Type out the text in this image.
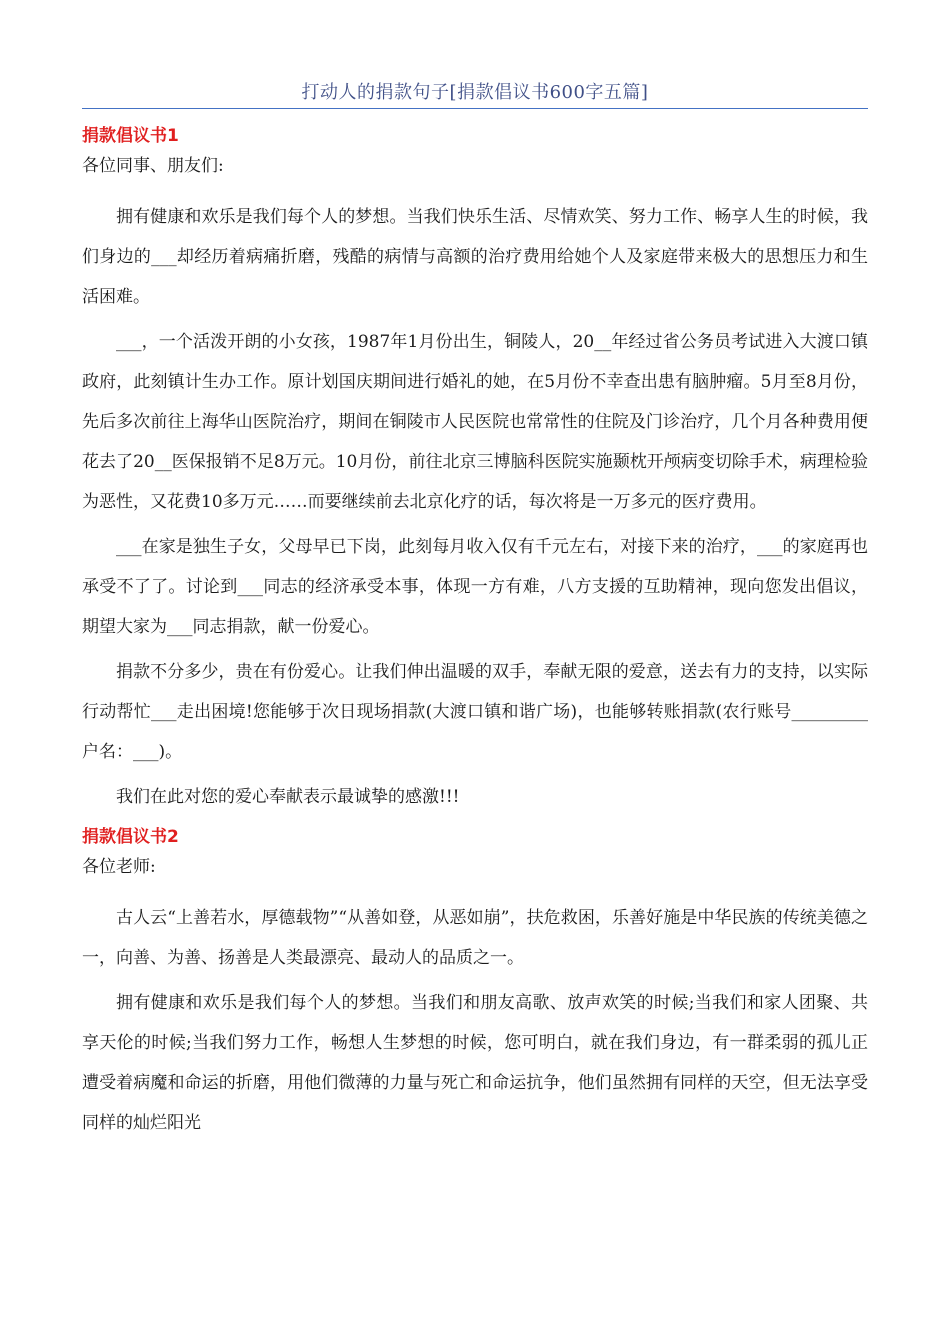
打动人的捐款句子[捐款倡议书600字五篇]
捐款倡议书1

各位同事、朋友们:

拥有健康和欢乐是我们每个人的梦想。当我们快乐生活、尽情欢笑、努力工作、畅享人生的时候，我们身边的___却经历着病痛折磨，残酷的病情与高额的治疗费用给她个人及家庭带来极大的思想压力和生活困难。

___，一个活泼开朗的小女孩，1987年1月份出生，铜陵人，20__年经过省公务员考试进入大渡口镇政府，此刻镇计生办工作。原计划国庆期间进行婚礼的她，在5月份不幸查出患有脑肿瘤。5月至8月份，先后多次前往上海华山医院治疗，期间在铜陵市人民医院也常常性的住院及门诊治疗，几个月各种费用便花去了20__医保报销不足8万元。10月份，前往北京三博脑科医院实施颞枕开颅病变切除手术，病理检验为恶性，又花费10多万元……而要继续前去北京化疗的话，每次将是一万多元的医疗费用。

___在家是独生子女，父母早已下岗，此刻每月收入仅有千元左右，对接下来的治疗，___的家庭再也承受不了了。讨论到___同志的经济承受本事，体现一方有难，八方支援的互助精神，现向您发出倡议，期望大家为___同志捐款，献一份爱心。

捐款不分多少，贵在有份爱心。让我们伸出温暖的双手，奉献无限的爱意，送去有力的支持，以实际行动帮忙___走出困境!您能够于次日现场捐款(大渡口镇和谐广场)，也能够转账捐款(农行账号_________户名：___)。

我们在此对您的爱心奉献表示最诚挚的感激!!!

捐款倡议书2

各位老师:

古人云“上善若水，厚德载物”“从善如登，从恶如崩”，扶危救困，乐善好施是中华民族的传统美德之一，向善、为善、扬善是人类最漂亮、最动人的品质之一。

拥有健康和欢乐是我们每个人的梦想。当我们和朋友高歌、放声欢笑的时候;当我们和家人团聚、共享天伦的时候;当我们努力工作，畅想人生梦想的时候，您可明白，就在我们身边，有一群柔弱的孤儿正遭受着病魔和命运的折磨，用他们微薄的力量与死亡和命运抗争，他们虽然拥有同样的天空，但无法享受同样的灿烂阳光
